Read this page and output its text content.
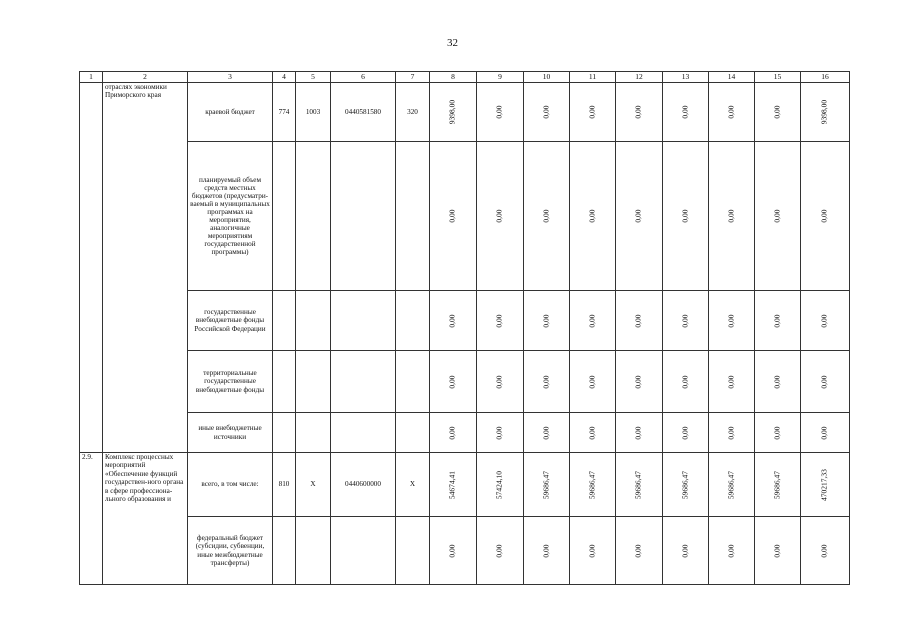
32
1	2	3	4	5	6	7	8	9	10	11	12	13	14	15	16
	отраслях экономики Приморского края	краевой бюджет	774	1003	0440581580	320	9398,00	0,00	0,00	0,00	0,00	0,00	0,00	0,00	9398,00

		планируемый объем средств местных бюджетов (предусматри-ваемый в муниципальных программах на мероприятия, аналогичные мероприятиям государственной программы)					0,00	0,00	0,00	0,00	0,00	0,00	0,00	0,00	0,00

		государственные внебюджетные фонды Российской Федерации					0,00	0,00	0,00	0,00	0,00	0,00	0,00	0,00	0,00

		территориальные государственные внебюджетные фонды					0,00	0,00	0,00	0,00	0,00	0,00	0,00	0,00	0,00

		иные внебюджетные источники					0,00	0,00	0,00	0,00	0,00	0,00	0,00	0,00	0,00

2.9.	Комплекс процессных мероприятий «Обеспечение функций государствен-ного органа в сфере профессиона-льного образования и	всего, в том числе:	810	X	0440600000	X	54674,41	57424,10	59686,47	59686,47	59686,47	59686,47	59686,47	59686,47	470217,33

		федеральный бюджет (субсидии, субвенции, иные межбюджетные трансферты)					0,00	0,00	0,00	0,00	0,00	0,00	0,00	0,00	0,00
